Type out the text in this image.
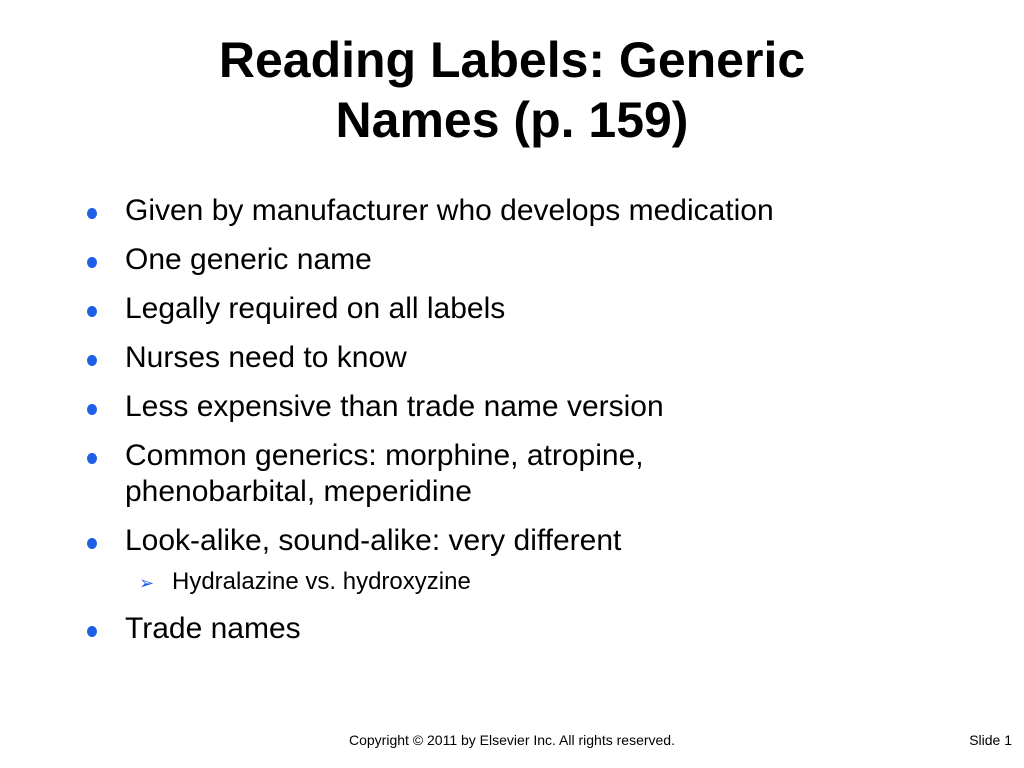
Reading Labels: Generic
Names (p. 159)
Given by manufacturer who develops medication
One generic name
Legally required on all labels
Nurses need to know
Less expensive than trade name version
Common generics: morphine, atropine, phenobarbital, meperidine
Look-alike, sound-alike: very different
➢ Hydralazine vs. hydroxyzine
Trade names
Copyright © 2011 by Elsevier Inc. All rights reserved.	Slide 1
